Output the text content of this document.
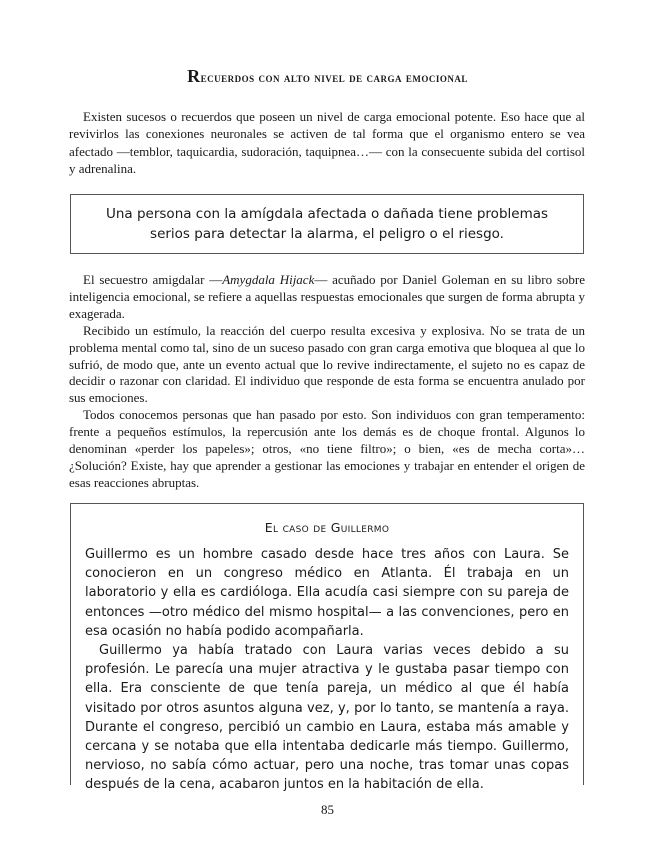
Recuerdos con alto nivel de carga emocional

Existen sucesos o recuerdos que poseen un nivel de carga emocional potente. Eso hace que al revivirlos las conexiones neuronales se activen de tal forma que el organismo entero se vea afectado —temblor, taquicardia, sudoración, taquipnea…— con la consecuente subida del cortisol y adrenalina.

Una persona con la amígdala afectada o dañada tiene problemas serios para detectar la alarma, el peligro o el riesgo.

El secuestro amigdalar —Amygdala Hijack— acuñado por Daniel Goleman en su libro sobre inteligencia emocional, se refiere a aquellas respuestas emocionales que surgen de forma abrupta y exagerada.

Recibido un estímulo, la reacción del cuerpo resulta excesiva y explosiva. No se trata de un problema mental como tal, sino de un suceso pasado con gran carga emotiva que bloquea al que lo sufrió, de modo que, ante un evento actual que lo revive indirectamente, el sujeto no es capaz de decidir o razonar con claridad. El individuo que responde de esta forma se encuentra anulado por sus emociones.

Todos conocemos personas que han pasado por esto. Son individuos con gran temperamento: frente a pequeños estímulos, la repercusión ante los demás es de choque frontal. Algunos lo denominan «perder los papeles»; otros, «no tiene filtro»; o bien, «es de mecha corta»… ¿Solución? Existe, hay que aprender a gestionar las emociones y trabajar en entender el origen de esas reacciones abruptas.

El caso de Guillermo

Guillermo es un hombre casado desde hace tres años con Laura. Se conocieron en un congreso médico en Atlanta. Él trabaja en un laboratorio y ella es cardióloga. Ella acudía casi siempre con su pareja de entonces —otro médico del mismo hospital— a las convenciones, pero en esa ocasión no había podido acompañarla.

Guillermo ya había tratado con Laura varias veces debido a su profesión. Le parecía una mujer atractiva y le gustaba pasar tiempo con ella. Era consciente de que tenía pareja, un médico al que él había visitado por otros asuntos alguna vez, y, por lo tanto, se mantenía a raya. Durante el congreso, percibió un cambio en Laura, estaba más amable y cercana y se notaba que ella intentaba dedicarle más tiempo. Guillermo, nervioso, no sabía cómo actuar, pero una noche, tras tomar unas copas después de la cena, acabaron juntos en la habitación de ella.

85
